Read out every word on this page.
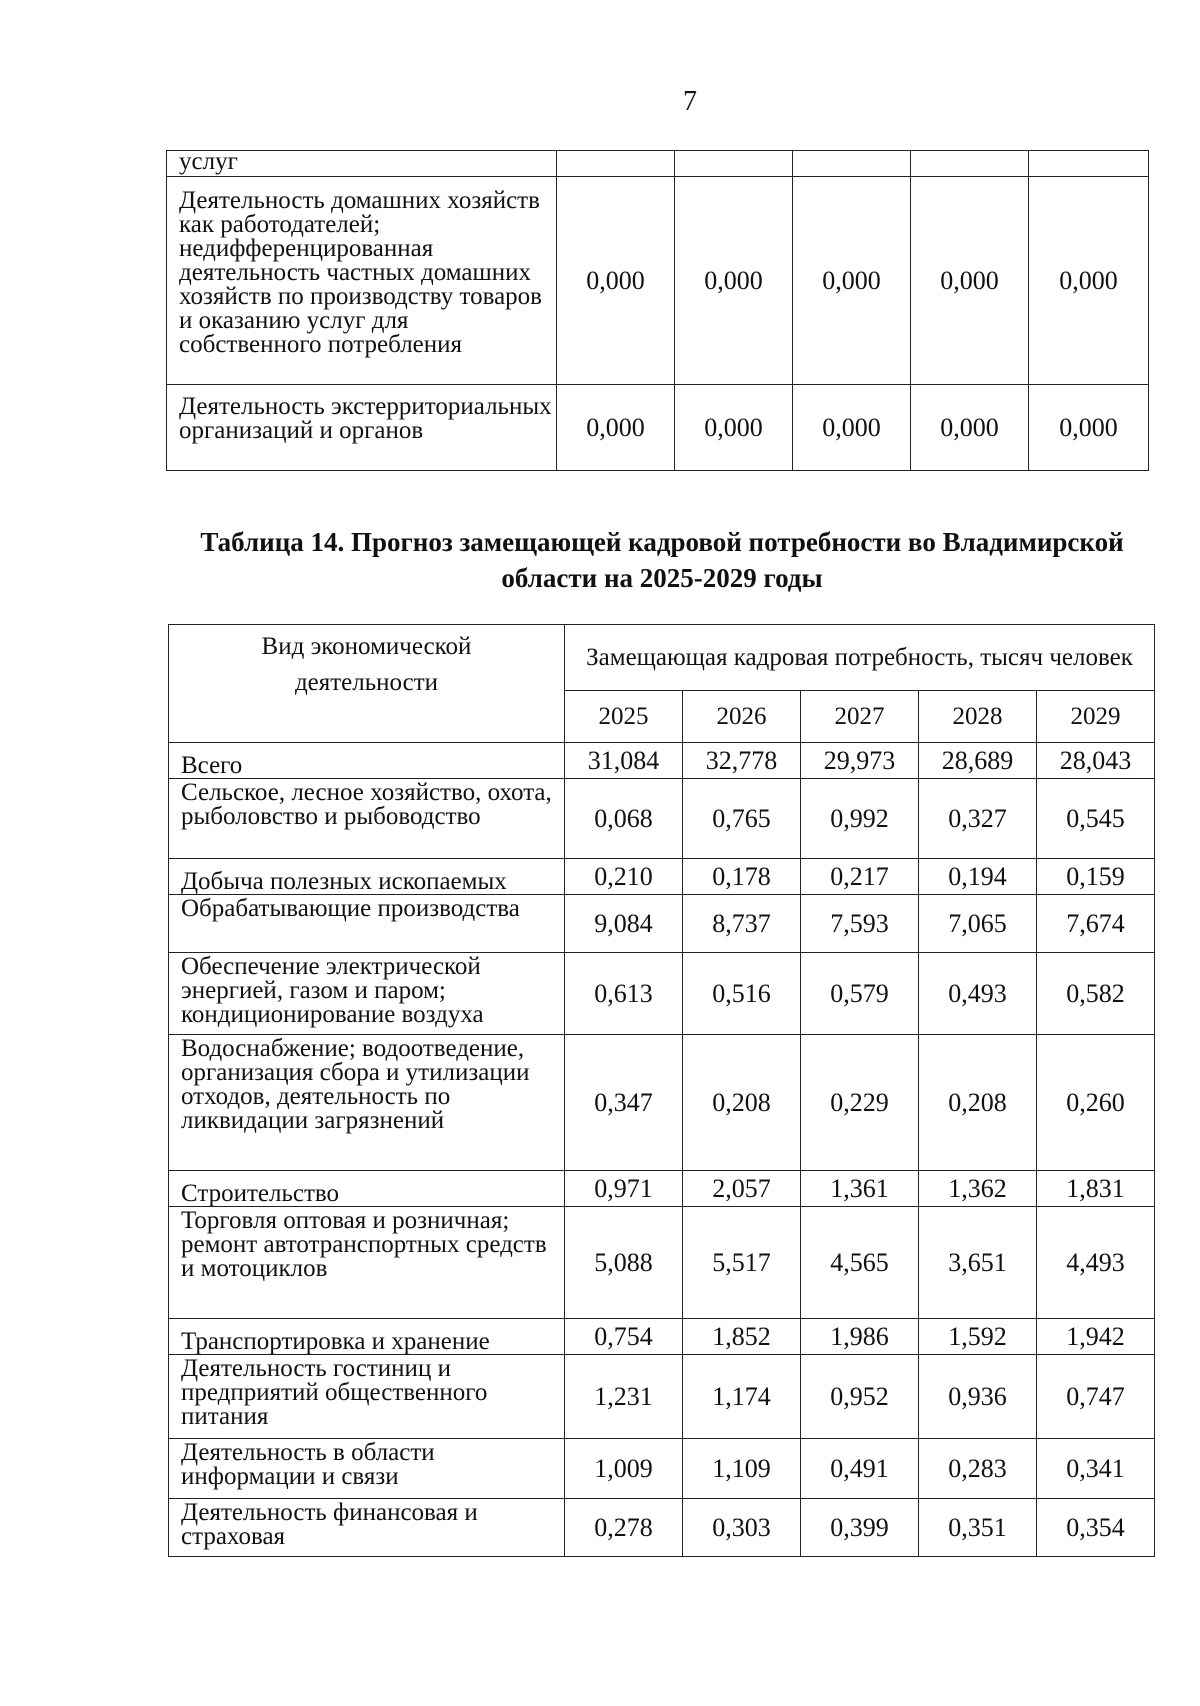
7
услуг					
Деятельность домашних хозяйств как работодателей; недифференцированная деятельность частных домашних хозяйств по производству товаров и оказанию услуг для собственного потребления	0,000	0,000	0,000	0,000	0,000
Деятельность экстерриториальных организаций и органов	0,000	0,000	0,000	0,000	0,000
Таблица 14. Прогноз замещающей кадровой потребности во Владимирской области на 2025-2029 годы
Вид экономической деятельности	Замещающая кадровая потребность, тысяч человек				
	2025	2026	2027	2028	2029
Всего	31,084	32,778	29,973	28,689	28,043
Сельское, лесное хозяйство, охота, рыболовство и рыбоводство	0,068	0,765	0,992	0,327	0,545
Добыча полезных ископаемых	0,210	0,178	0,217	0,194	0,159
Обрабатывающие производства	9,084	8,737	7,593	7,065	7,674
Обеспечение электрической энергией, газом и паром; кондиционирование воздуха	0,613	0,516	0,579	0,493	0,582
Водоснабжение; водоотведение, организация сбора и утилизации отходов, деятельность по ликвидации загрязнений	0,347	0,208	0,229	0,208	0,260
Строительство	0,971	2,057	1,361	1,362	1,831
Торговля оптовая и розничная; ремонт автотранспортных средств и мотоциклов	5,088	5,517	4,565	3,651	4,493
Транспортировка и хранение	0,754	1,852	1,986	1,592	1,942
Деятельность гостиниц и предприятий общественного питания	1,231	1,174	0,952	0,936	0,747
Деятельность в области информации и связи	1,009	1,109	0,491	0,283	0,341
Деятельность финансовая и страховая	0,278	0,303	0,399	0,351	0,354
